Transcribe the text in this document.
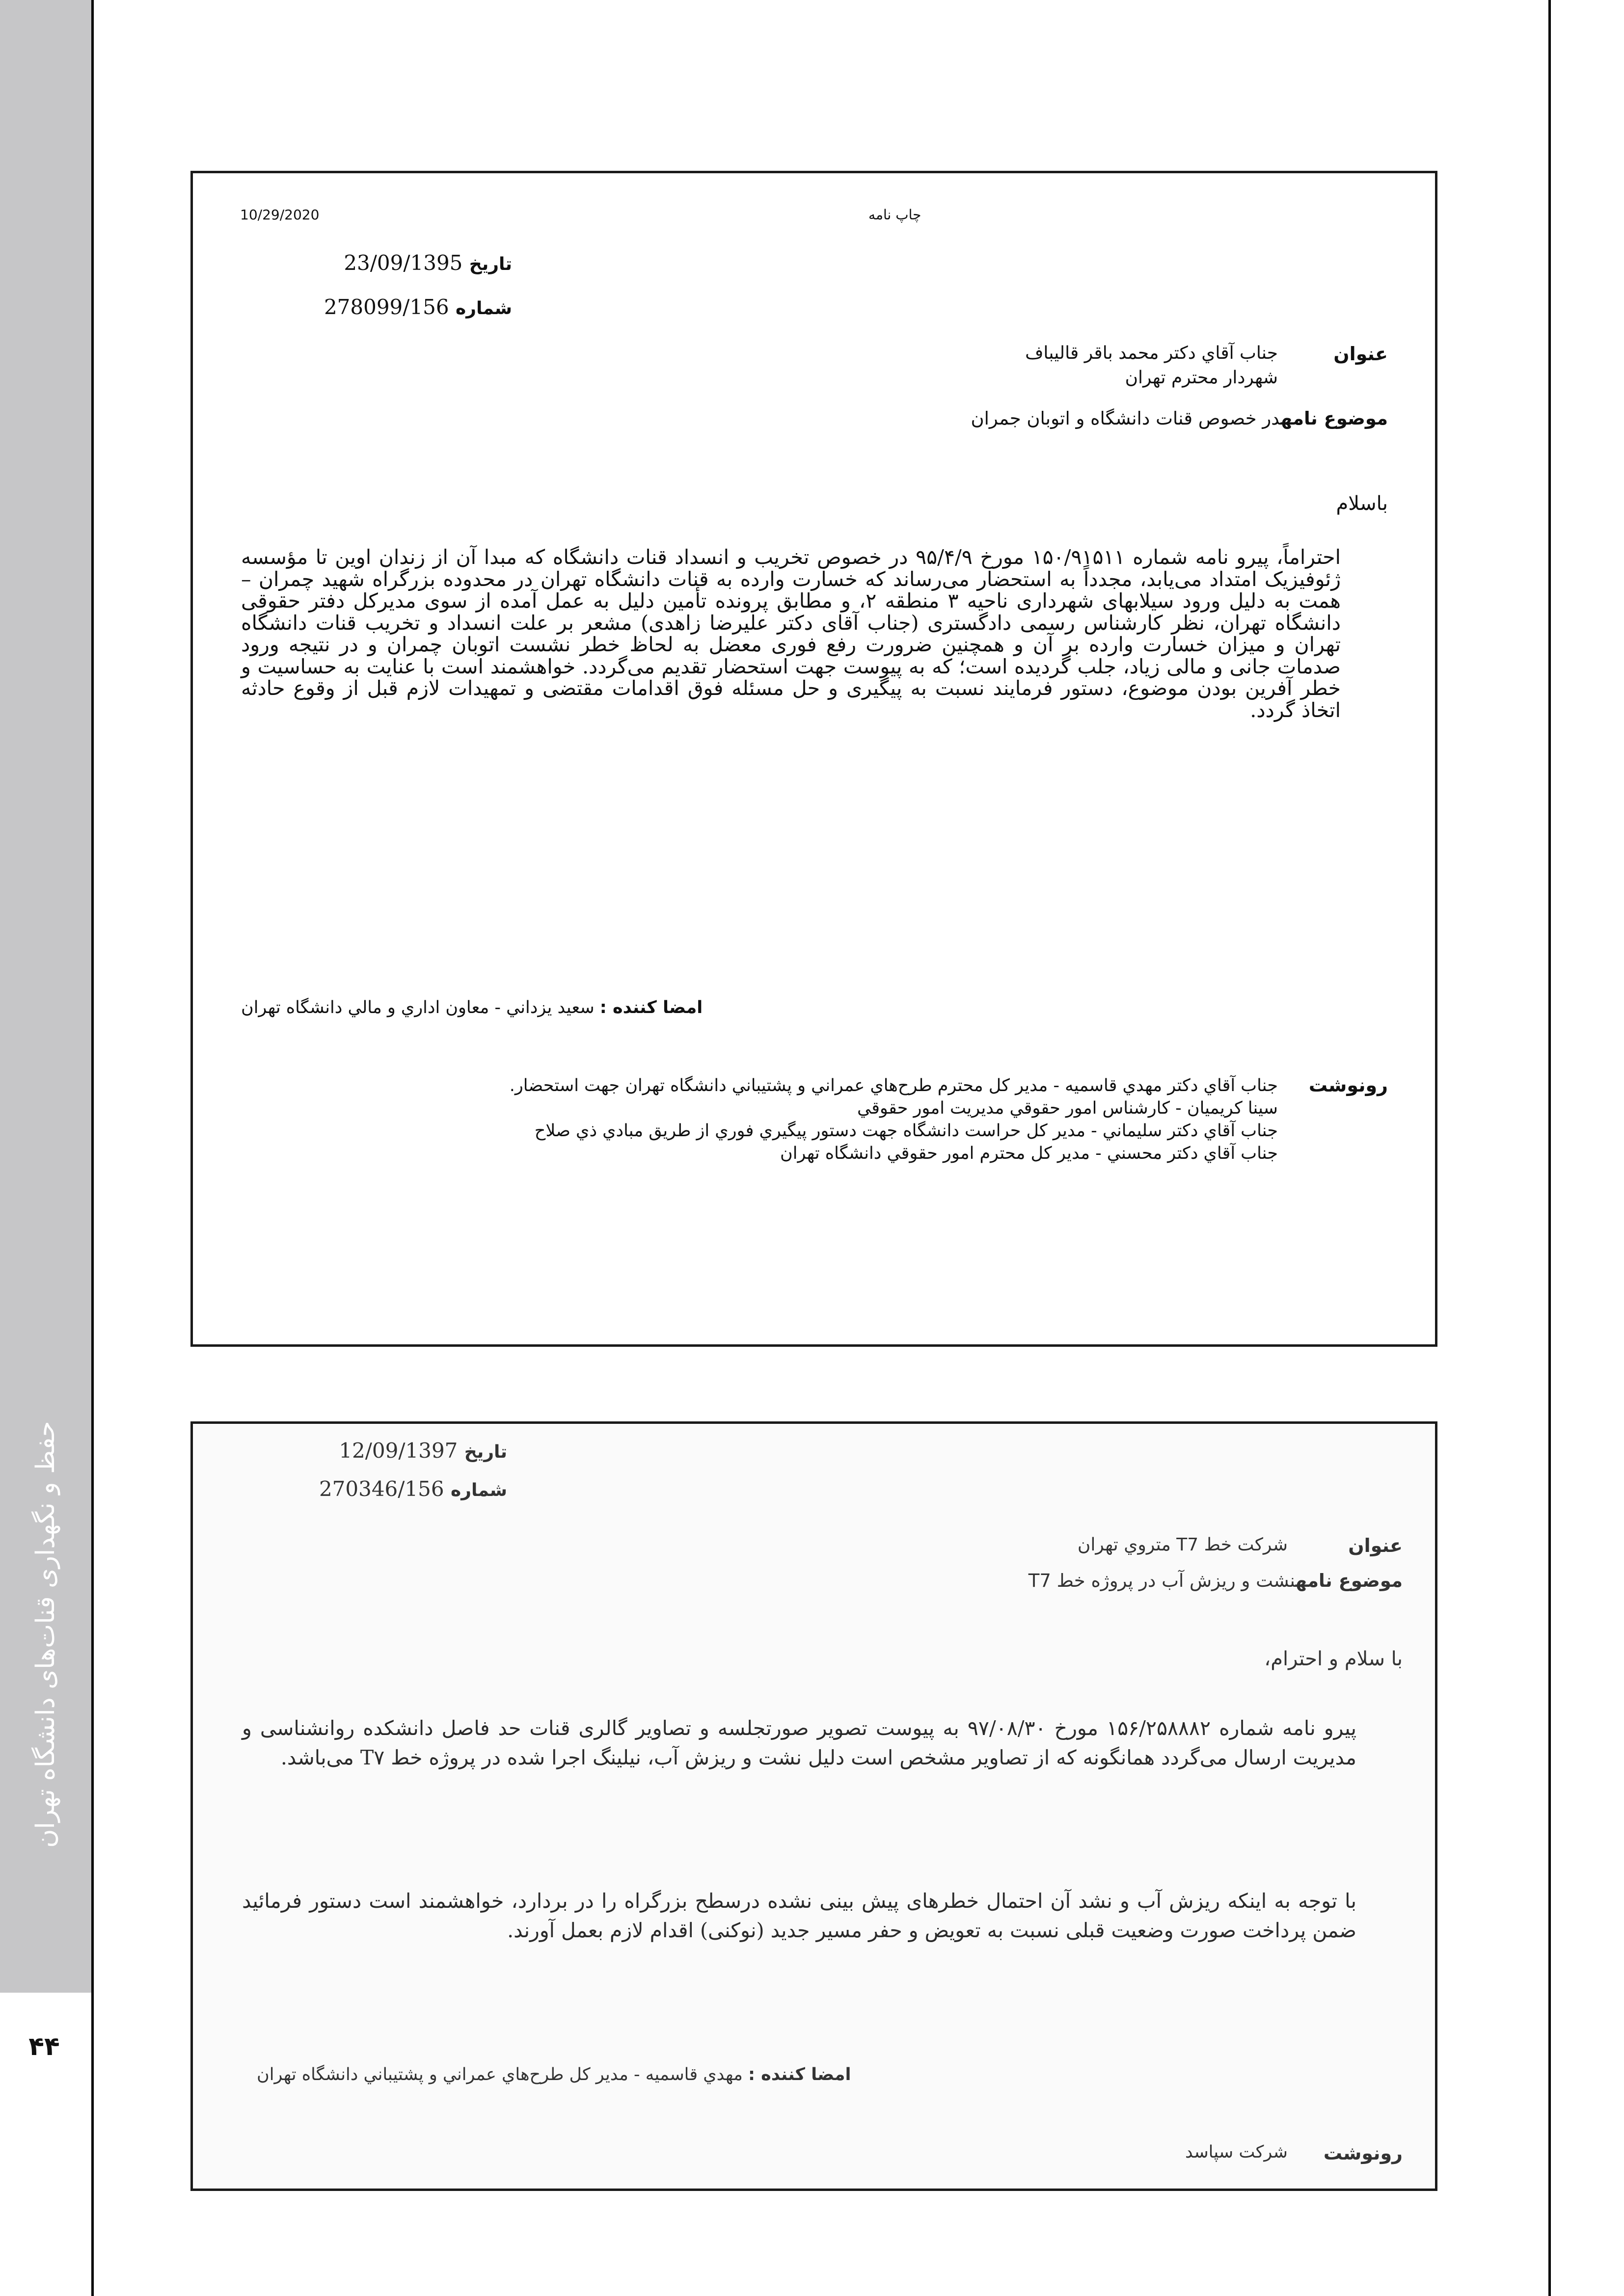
حفظ و نگهداری قنات‌های دانشگاه تهران
۴۴
10/29/2020	چاپ نامه
تاریخ 23/09/1395
شماره 278099/156
عنوان
جناب آقاي دكتر محمد باقر قالیباف
شهردار محترم تهران
موضوع نامهدر خصوص قنات دانشگاه و اتوبان جمران
باسلام
احتراماً، پیرو نامه شماره ۱۵۰/۹۱۵۱۱ مورخ ۹۵/۴/۹ در خصوص تخریب و انسداد قنات دانشگاه که مبدا آن از زندان اوین تا مؤسسه ژئوفیزیک امتداد می‌یابد، مجدداً به استحضار می‌رساند که خسارت وارده به قنات دانشگاه تهران در محدوده بزرگراه شهید چمران – همت به دلیل ورود سیلابهای شهرداری ناحیه ۳ منطقه ۲، و مطابق پرونده تأمین دلیل به عمل آمده از سوی مدیرکل دفتر حقوقی دانشگاه تهران، نظر کارشناس رسمی دادگستری (جناب آقای دکتر علیرضا زاهدی) مشعر بر علت انسداد و تخریب قنات دانشگاه تهران و میزان خسارت وارده بر آن و همچنین ضرورت رفع فوری معضل به لحاظ خطر نشست اتوبان چمران و در نتیجه ورود صدمات جانی و مالی زیاد، جلب گردیده است؛ که به پیوست جهت استحضار تقدیم می‌گردد. خواهشمند است با عنایت به حساسیت و خطر آفرین بودن موضوع، دستور فرمایند نسبت به پیگیری و حل مسئله فوق اقدامات مقتضی و تمهیدات لازم قبل از وقوع حادثه اتخاذ گردد.
امضا كننده : سعید یزداني - معاون اداري و مالي دانشگاه تهران
رونوشت
جناب آقاي دكتر مهدي قاسمیه - مدیر كل محترم طرح‌هاي عمراني و پشتیباني دانشگاه تهران جهت استحضار.
سینا كریمیان - كارشناس امور حقوقي مدیریت امور حقوقي
جناب آقاي دكتر سلیماني - مدیر كل حراست دانشگاه جهت دستور پیگیري فوري از طریق مبادي ذي صلاح
جناب آقاي دكتر محسني - مدیر كل محترم امور حقوقي دانشگاه تهران
تاریخ 12/09/1397
شماره 270346/156
عنوان
شركت خط T7 متروي تهران
موضوع نامهنشت و ریزش آب در پروژه خط T7
با سلام و احترام،
پیرو نامه شماره ۱۵۶/۲۵۸۸۸۲ مورخ ۹۷/۰۸/۳۰ به پیوست تصویر صورتجلسه و تصاویر گالری قنات حد فاصل دانشکده روانشناسی و مدیریت ارسال می‌گردد همانگونه که از تصاویر مشخص است دلیل نشت و ریزش آب، نیلینگ اجرا شده در پروژه خط T۷ می‌باشد.
با توجه به اینکه ریزش آب و نشد آن احتمال خطرهای پیش بینی نشده درسطح بزرگراه را در بردارد، خواهشمند است دستور فرمائید ضمن پرداخت صورت وضعیت قبلی نسبت به تعویض و حفر مسیر جدید (نوکنی) اقدام لازم بعمل آورند.
امضا كننده : مهدي قاسمیه - مدیر كل طرح‌هاي عمراني و پشتیباني دانشگاه تهران
رونوشت
شركت سپاسد
